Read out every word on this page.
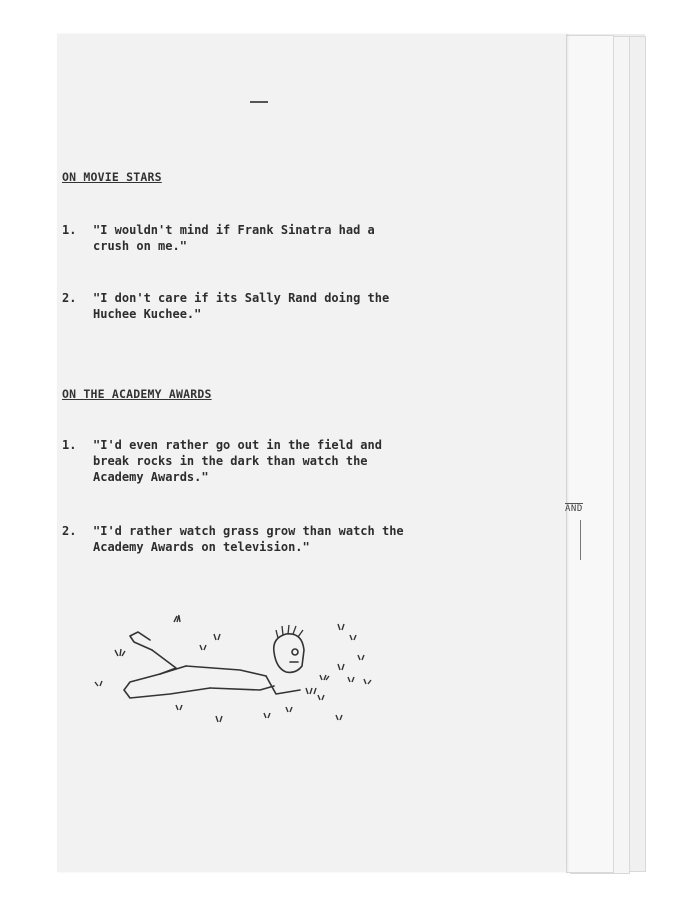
ON MOVIE STARS
1. "I wouldn't mind if Frank Sinatra had a
crush on me."
2. "I don't care if its Sally Rand doing the
Huchee Kuchee."
ON THE ACADEMY AWARDS
1. "I'd even rather go out in the field and
break rocks in the dark than watch the
Academy Awards."
2. "I'd rather watch grass grow than watch the
Academy Awards on television."
AND
